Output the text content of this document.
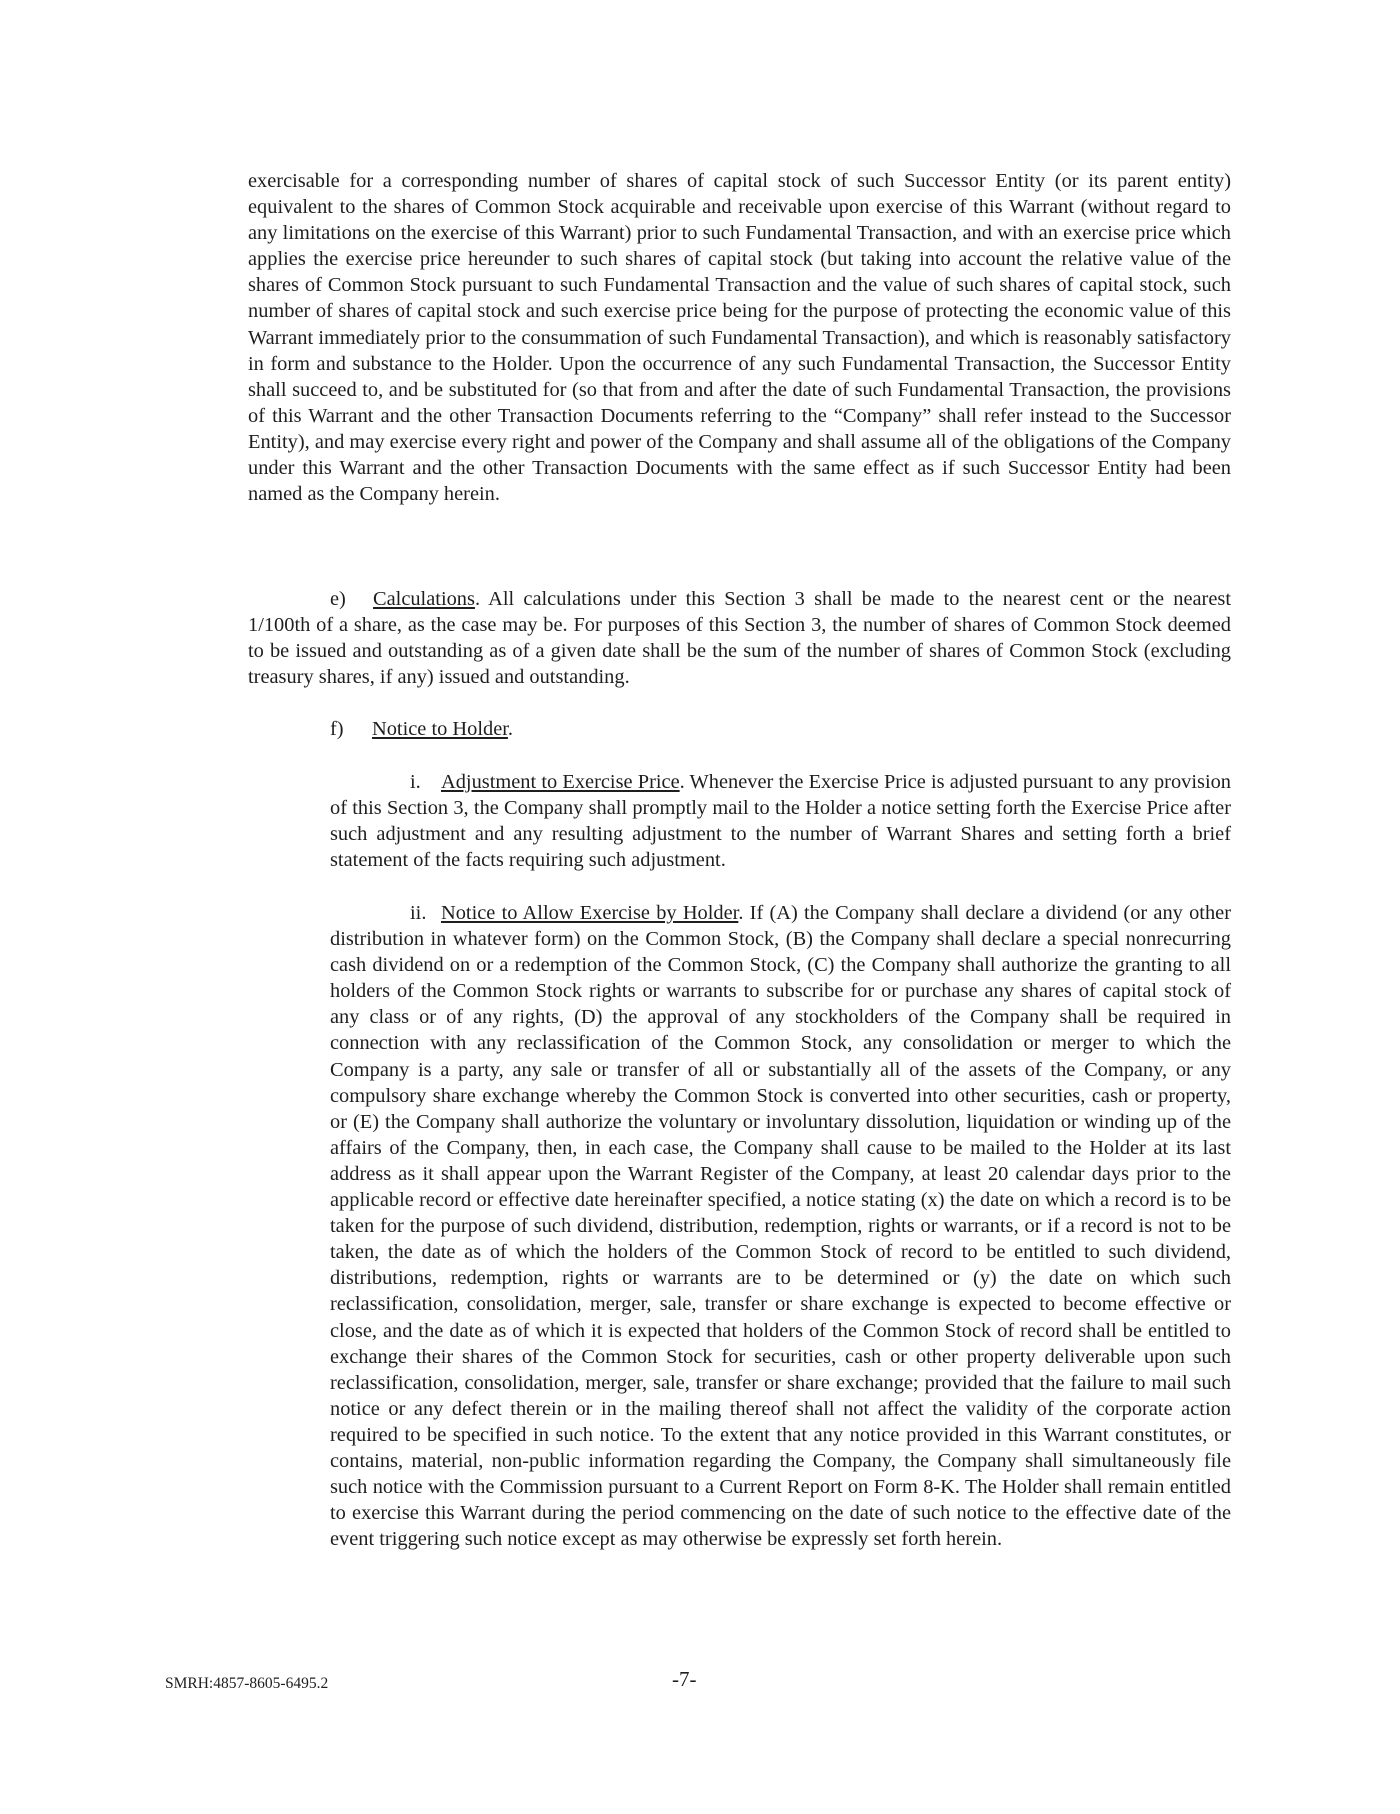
exercisable for a corresponding number of shares of capital stock of such Successor Entity (or its parent entity) equivalent to the shares of Common Stock acquirable and receivable upon exercise of this Warrant (without regard to any limitations on the exercise of this Warrant) prior to such Fundamental Transaction, and with an exercise price which applies the exercise price hereunder to such shares of capital stock (but taking into account the relative value of the shares of Common Stock pursuant to such Fundamental Transaction and the value of such shares of capital stock, such number of shares of capital stock and such exercise price being for the purpose of protecting the economic value of this Warrant immediately prior to the consummation of such Fundamental Transaction), and which is reasonably satisfactory in form and substance to the Holder. Upon the occurrence of any such Fundamental Transaction, the Successor Entity shall succeed to, and be substituted for (so that from and after the date of such Fundamental Transaction, the provisions of this Warrant and the other Transaction Documents referring to the “Company” shall refer instead to the Successor Entity), and may exercise every right and power of the Company and shall assume all of the obligations of the Company under this Warrant and the other Transaction Documents with the same effect as if such Successor Entity had been named as the Company herein.

e) Calculations. All calculations under this Section 3 shall be made to the nearest cent or the nearest 1/100th of a share, as the case may be. For purposes of this Section 3, the number of shares of Common Stock deemed to be issued and outstanding as of a given date shall be the sum of the number of shares of Common Stock (excluding treasury shares, if any) issued and outstanding.

f) Notice to Holder.

i. Adjustment to Exercise Price. Whenever the Exercise Price is adjusted pursuant to any provision of this Section 3, the Company shall promptly mail to the Holder a notice setting forth the Exercise Price after such adjustment and any resulting adjustment to the number of Warrant Shares and setting forth a brief statement of the facts requiring such adjustment.

ii. Notice to Allow Exercise by Holder. If (A) the Company shall declare a dividend (or any other distribution in whatever form) on the Common Stock, (B) the Company shall declare a special nonrecurring cash dividend on or a redemption of the Common Stock, (C) the Company shall authorize the granting to all holders of the Common Stock rights or warrants to subscribe for or purchase any shares of capital stock of any class or of any rights, (D) the approval of any stockholders of the Company shall be required in connection with any reclassification of the Common Stock, any consolidation or merger to which the Company is a party, any sale or transfer of all or substantially all of the assets of the Company, or any compulsory share exchange whereby the Common Stock is converted into other securities, cash or property, or (E) the Company shall authorize the voluntary or involuntary dissolution, liquidation or winding up of the affairs of the Company, then, in each case, the Company shall cause to be mailed to the Holder at its last address as it shall appear upon the Warrant Register of the Company, at least 20 calendar days prior to the applicable record or effective date hereinafter specified, a notice stating (x) the date on which a record is to be taken for the purpose of such dividend, distribution, redemption, rights or warrants, or if a record is not to be taken, the date as of which the holders of the Common Stock of record to be entitled to such dividend, distributions, redemption, rights or warrants are to be determined or (y) the date on which such reclassification, consolidation, merger, sale, transfer or share exchange is expected to become effective or close, and the date as of which it is expected that holders of the Common Stock of record shall be entitled to exchange their shares of the Common Stock for securities, cash or other property deliverable upon such reclassification, consolidation, merger, sale, transfer or share exchange; provided that the failure to mail such notice or any defect therein or in the mailing thereof shall not affect the validity of the corporate action required to be specified in such notice. To the extent that any notice provided in this Warrant constitutes, or contains, material, non-public information regarding the Company, the Company shall simultaneously file such notice with the Commission pursuant to a Current Report on Form 8-K. The Holder shall remain entitled to exercise this Warrant during the period commencing on the date of such notice to the effective date of the event triggering such notice except as may otherwise be expressly set forth herein.

SMRH:4857-8605-6495.2	-7-
